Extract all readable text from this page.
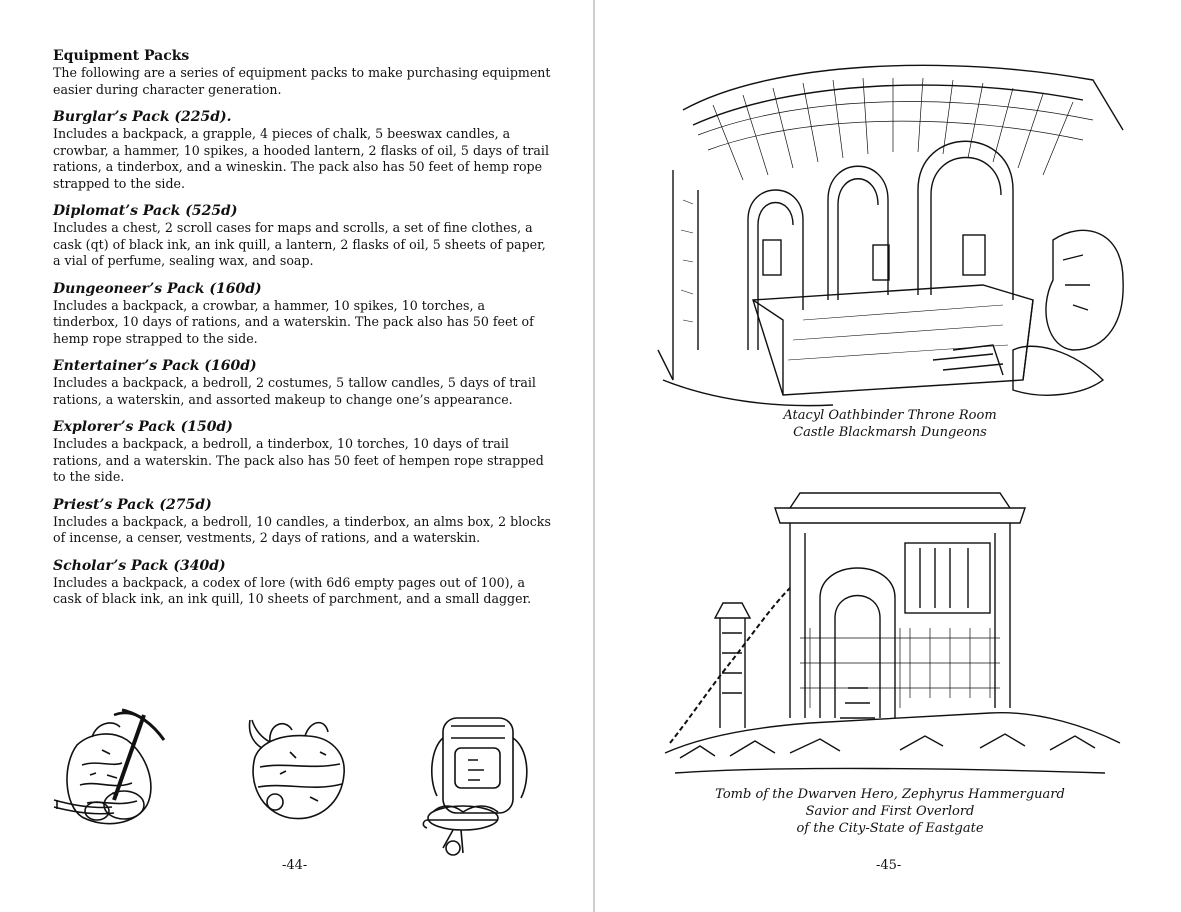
Equipment Packs

The following are a series of equipment packs to make purchasing equipment easier during character generation.

Burglar’s Pack (225d).

Includes a backpack, a grapple, 4 pieces of chalk, 5 beeswax candles, a crowbar, a hammer, 10 spikes, a hooded lantern, 2 flasks of oil, 5 days of trail rations, a tinderbox, and a wineskin. The pack also has 50 feet of hemp rope strapped to the side.

Diplomat’s Pack (525d)

Includes a chest, 2 scroll cases for maps and scrolls, a set of fine clothes, a cask (qt) of black ink, an ink quill, a lantern, 2 flasks of oil, 5 sheets of paper, a vial of perfume, sealing wax, and soap.

Dungeoneer’s Pack (160d)

Includes a backpack, a crowbar, a hammer, 10 spikes, 10 torches, a tinderbox, 10 days of rations, and a waterskin. The pack also has 50 feet of hemp rope strapped to the side.

Entertainer’s Pack (160d)

Includes a backpack, a bedroll, 2 costumes, 5 tallow candles, 5 days of trail rations, a waterskin, and assorted makeup to change one’s appearance.

Explorer’s Pack (150d)

Includes a backpack, a bedroll, a tinderbox, 10 torches, 10 days of trail rations, and a waterskin. The pack also has 50 feet of hempen rope strapped to the side.

Priest’s Pack (275d)

Includes a backpack, a bedroll, 10 candles, a tinderbox, an alms box, 2 blocks of incense, a censer, vestments, 2 days of rations, and a waterskin.

Scholar’s Pack (340d)

Includes a backpack, a codex of lore (with 6d6 empty pages out of 100), a cask of black ink, an ink quill, 10 sheets of parchment, and a small dagger.

-44-
Atacyl Oathbinder Throne Room
Castle Blackmarsh Dungeons
Tomb of the Dwarven Hero, Zephyrus Hammerguard
Savior and First Overlord
of the City-State of Eastgate
-45-
